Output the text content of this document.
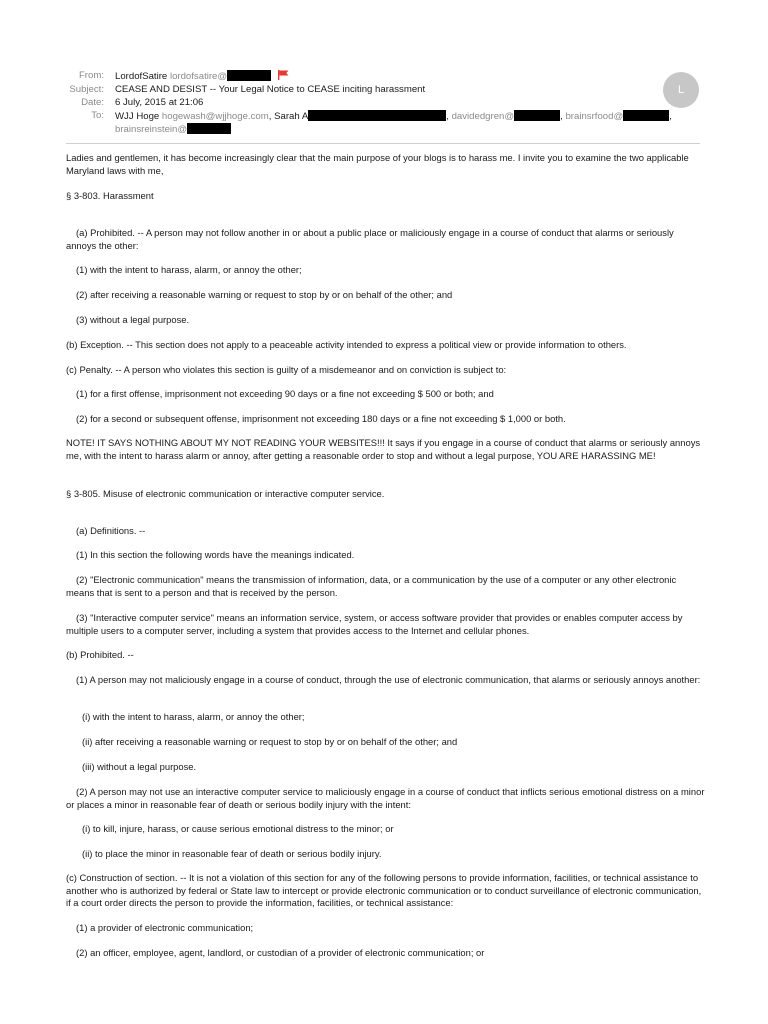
From: LordofSatire lordofsatire@
Subject: CEASE AND DESIST -- Your Legal Notice to CEASE inciting harassment
Date: 6 July, 2015 at 21:06
To: WJJ Hoge hogewash@wjjhoge.com, Sarah A	, davidedgren@	, brainsrfood@	,
brainsreinstein@
L

Ladies and gentlemen, it has become increasingly clear that the main purpose of your blogs is to harass me. I invite you to examine the two applicable Maryland laws with me,

§ 3-803. Harassment

(a) Prohibited. -- A person may not follow another in or about a public place or maliciously engage in a course of conduct that alarms or seriously annoys the other:

(1) with the intent to harass, alarm, or annoy the other;

(2) after receiving a reasonable warning or request to stop by or on behalf of the other; and

(3) without a legal purpose.

(b) Exception. -- This section does not apply to a peaceable activity intended to express a political view or provide information to others.

(c) Penalty. -- A person who violates this section is guilty of a misdemeanor and on conviction is subject to:

(1) for a first offense, imprisonment not exceeding 90 days or a fine not exceeding $ 500 or both; and

(2) for a second or subsequent offense, imprisonment not exceeding 180 days or a fine not exceeding $ 1,000 or both.

NOTE! IT SAYS NOTHING ABOUT MY NOT READING YOUR WEBSITES!!! It says if you engage in a course of conduct that alarms or seriously annoys me, with the intent to harass alarm or annoy, after getting a reasonable order to stop and without a legal purpose, YOU ARE HARASSING ME!

§ 3-805. Misuse of electronic communication or interactive computer service.

(a) Definitions. --

(1) In this section the following words have the meanings indicated.

(2) "Electronic communication" means the transmission of information, data, or a communication by the use of a computer or any other electronic means that is sent to a person and that is received by the person.

(3) "Interactive computer service" means an information service, system, or access software provider that provides or enables computer access by multiple users to a computer server, including a system that provides access to the Internet and cellular phones.

(b) Prohibited. --

(1) A person may not maliciously engage in a course of conduct, through the use of electronic communication, that alarms or seriously annoys another:

(i) with the intent to harass, alarm, or annoy the other;

(ii) after receiving a reasonable warning or request to stop by or on behalf of the other; and

(iii) without a legal purpose.

(2) A person may not use an interactive computer service to maliciously engage in a course of conduct that inflicts serious emotional distress on a minor or places a minor in reasonable fear of death or serious bodily injury with the intent:

(i) to kill, injure, harass, or cause serious emotional distress to the minor; or

(ii) to place the minor in reasonable fear of death or serious bodily injury.

(c) Construction of section. -- It is not a violation of this section for any of the following persons to provide information, facilities, or technical assistance to another who is authorized by federal or State law to intercept or provide electronic communication or to conduct surveillance of electronic communication, if a court order directs the person to provide the information, facilities, or technical assistance:

(1) a provider of electronic communication;

(2) an officer, employee, agent, landlord, or custodian of a provider of electronic communication; or
